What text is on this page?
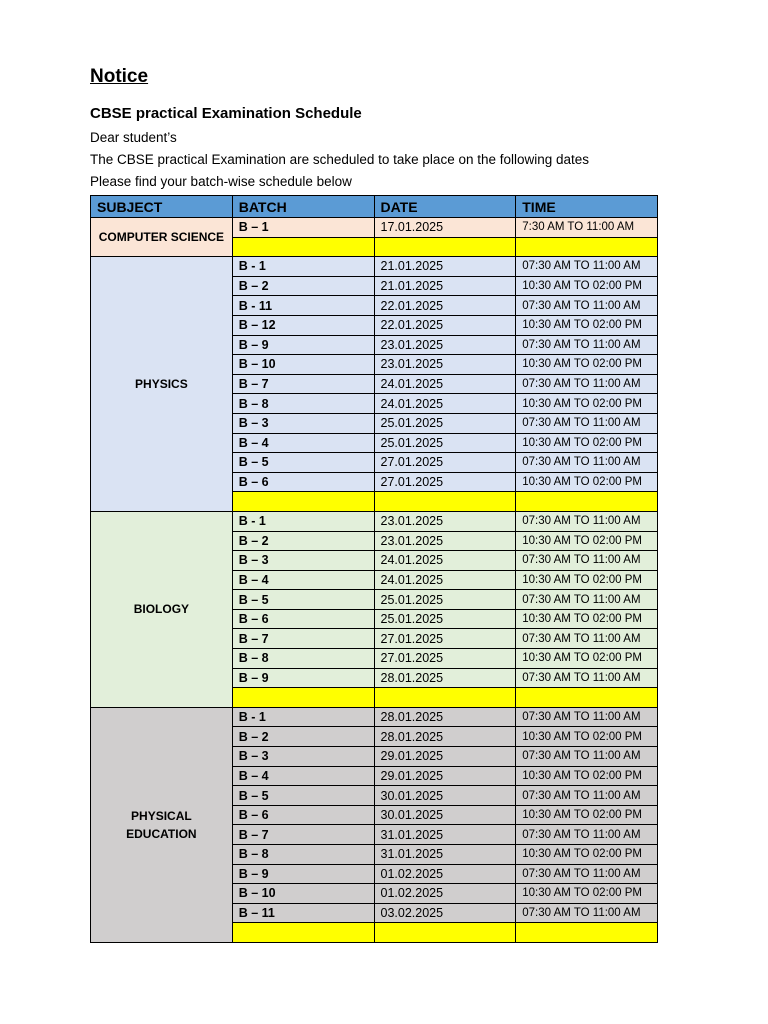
Notice
CBSE practical Examination Schedule

Dear student’s

The CBSE practical Examination are scheduled to take place on the following dates

Please find your batch-wise schedule below

SUBJECT	BATCH	DATE	TIME
COMPUTER SCIENCE	B – 1	17.01.2025	7:30 AM TO 11:00 AM

PHYSICS	B - 1	21.01.2025	07:30 AM TO 11:00 AM
	B – 2	21.01.2025	10:30 AM TO 02:00 PM
	B - 11	22.01.2025	07:30 AM TO 11:00 AM
	B – 12	22.01.2025	10:30 AM TO 02:00 PM
	B – 9	23.01.2025	07:30 AM TO 11:00 AM
	B – 10	23.01.2025	10:30 AM TO 02:00 PM
	B – 7	24.01.2025	07:30 AM TO 11:00 AM
	B – 8	24.01.2025	10:30 AM TO 02:00 PM
	B – 3	25.01.2025	07:30 AM TO 11:00 AM
	B – 4	25.01.2025	10:30 AM TO 02:00 PM
	B – 5	27.01.2025	07:30 AM TO 11:00 AM
	B – 6	27.01.2025	10:30 AM TO 02:00 PM

BIOLOGY	B - 1	23.01.2025	07:30 AM TO 11:00 AM
	B – 2	23.01.2025	10:30 AM TO 02:00 PM
	B – 3	24.01.2025	07:30 AM TO 11:00 AM
	B – 4	24.01.2025	10:30 AM TO 02:00 PM
	B – 5	25.01.2025	07:30 AM TO 11:00 AM
	B – 6	25.01.2025	10:30 AM TO 02:00 PM
	B – 7	27.01.2025	07:30 AM TO 11:00 AM
	B – 8	27.01.2025	10:30 AM TO 02:00 PM
	B – 9	28.01.2025	07:30 AM TO 11:00 AM

PHYSICAL EDUCATION	B - 1	28.01.2025	07:30 AM TO 11:00 AM
	B – 2	28.01.2025	10:30 AM TO 02:00 PM
	B – 3	29.01.2025	07:30 AM TO 11:00 AM
	B – 4	29.01.2025	10:30 AM TO 02:00 PM
	B – 5	30.01.2025	07:30 AM TO 11:00 AM
	B – 6	30.01.2025	10:30 AM TO 02:00 PM
	B – 7	31.01.2025	07:30 AM TO 11:00 AM
	B – 8	31.01.2025	10:30 AM TO 02:00 PM
	B – 9	01.02.2025	07:30 AM TO 11:00 AM
	B – 10	01.02.2025	10:30 AM TO 02:00 PM
	B – 11	03.02.2025	07:30 AM TO 11:00 AM
